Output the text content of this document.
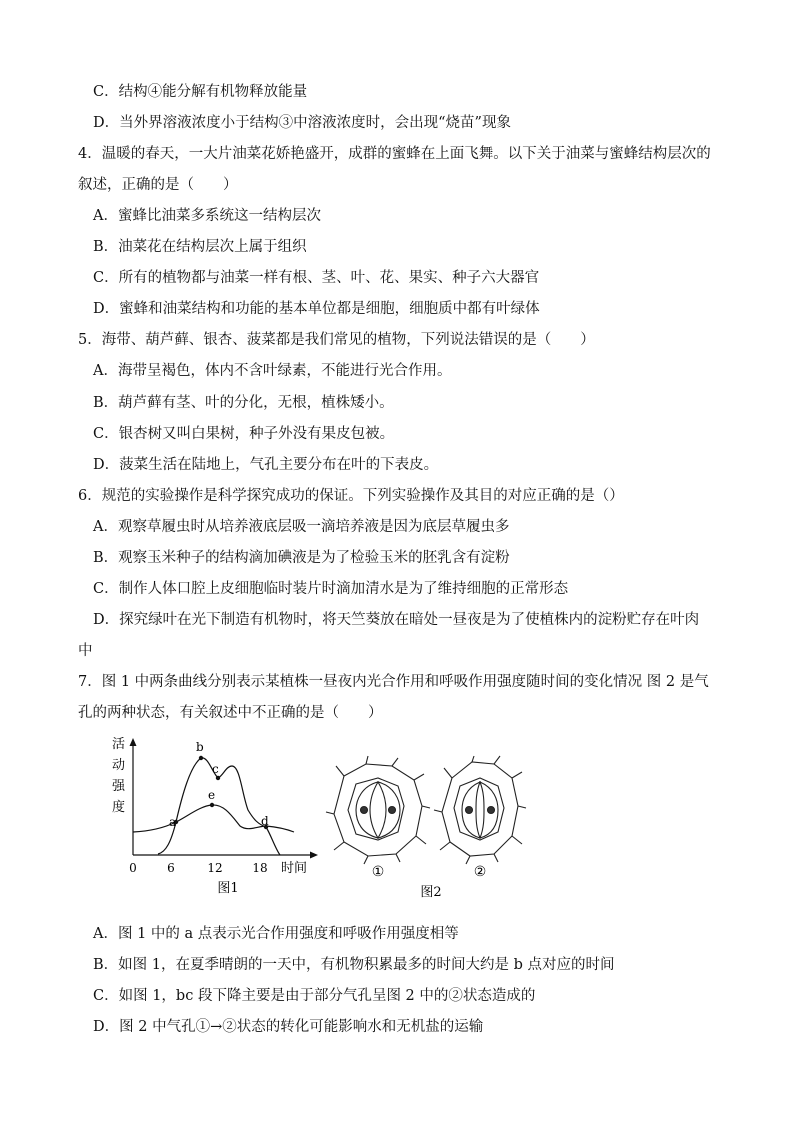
C．结构④能分解有机物释放能量
D．当外界溶液浓度小于结构③中溶液浓度时，会出现“烧苗”现象
4．温暖的春天，一大片油菜花娇艳盛开，成群的蜜蜂在上面飞舞。以下关于油菜与蜜蜂结构层次的
叙述，正确的是（　　）
A．蜜蜂比油菜多系统这一结构层次
B．油菜花在结构层次上属于组织
C．所有的植物都与油菜一样有根、茎、叶、花、果实、种子六大器官
D．蜜蜂和油菜结构和功能的基本单位都是细胞，细胞质中都有叶绿体
5．海带、葫芦藓、银杏、菠菜都是我们常见的植物，下列说法错误的是（　　）
A．海带呈褐色，体内不含叶绿素，不能进行光合作用。
B．葫芦藓有茎、叶的分化，无根，植株矮小。
C．银杏树又叫白果树，种子外没有果皮包被。
D．菠菜生活在陆地上，气孔主要分布在叶的下表皮。
6．规范的实验操作是科学探究成功的保证。下列实验操作及其目的对应正确的是（）
A．观察草履虫时从培养液底层吸一滴培养液是因为底层草履虫多
B．观察玉米种子的结构滴加碘液是为了检验玉米的胚乳含有淀粉
C．制作人体口腔上皮细胞临时装片时滴加清水是为了维持细胞的正常形态
D．探究绿叶在光下制造有机物时，将天竺葵放在暗处一昼夜是为了使植株内的淀粉贮存在叶肉
中
7．图 1 中两条曲线分别表示某植株一昼夜内光合作用和呼吸作用强度随时间的变化情况 图 2 是气
孔的两种状态，有关叙述中不正确的是（　　）
活
动
强
度
a
b
c
d
e
0	6	12 18 时间
图1
①	②
图2
A．图 1 中的 a 点表示光合作用强度和呼吸作用强度相等
B．如图 1，在夏季晴朗的一天中，有机物积累最多的时间大约是 b 点对应的时间
C．如图 1，bc 段下降主要是由于部分气孔呈图 2 中的②状态造成的
D．图 2 中气孔①→②状态的转化可能影响水和无机盐的运输
